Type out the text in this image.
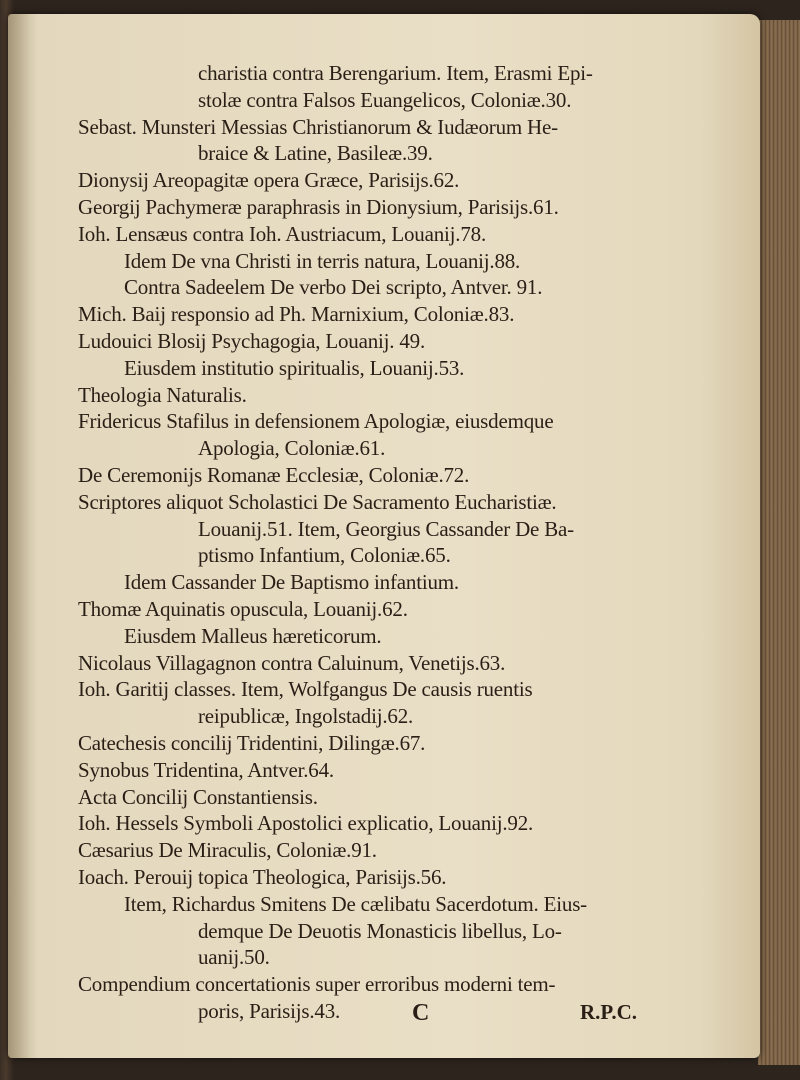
charistia contra Berengarium. Item, Erasmi Epi-
stolæ contra Falsos Euangelicos, Coloniæ.30.
Sebast. Munsteri Messias Christianorum & Iudæorum He-
braice & Latine, Basileæ.39.
Dionysij Areopagitæ opera Græce, Parisijs.62.
Georgij Pachymeræ paraphrasis in Dionysium, Parisijs.61.
Ioh. Lensæus contra Ioh. Austriacum, Louanij.78.
Idem De vna Christi in terris natura, Louanij.88.
Contra Sadeelem De verbo Dei scripto, Antver. 91.
Mich. Baij responsio ad Ph. Marnixium, Coloniæ.83.
Ludouici Blosij Psychagogia, Louanij. 49.
Eiusdem institutio spiritualis, Louanij.53.
Theologia Naturalis.
Fridericus Stafilus in defensionem Apologiæ, eiusdemque
Apologia, Coloniæ.61.
De Ceremonijs Romanæ Ecclesiæ, Coloniæ.72.
Scriptores aliquot Scholastici De Sacramento Eucharistiæ.
Louanij.51. Item, Georgius Cassander De Ba-
ptismo Infantium, Coloniæ.65.
Idem Cassander De Baptismo infantium.
Thomæ Aquinatis opuscula, Louanij.62.
Eiusdem Malleus hæreticorum.
Nicolaus Villagagnon contra Caluinum, Venetijs.63.
Ioh. Garitij classes. Item, Wolfgangus De causis ruentis
reipublicæ, Ingolstadij.62.
Catechesis concilij Tridentini, Dilingæ.67.
Synobus Tridentina, Antver.64.
Acta Concilij Constantiensis.
Ioh. Hessels Symboli Apostolici explicatio, Louanij.92.
Cæsarius De Miraculis, Coloniæ.91.
Ioach. Perouij topica Theologica, Parisijs.56.
Item, Richardus Smitens De cælibatu Sacerdotum. Eius-
demque De Deuotis Monasticis libellus, Lo-
uanij.50.
Compendium concertationis super erroribus moderni tem-
poris, Parisijs.43.	C	R.P.C.
